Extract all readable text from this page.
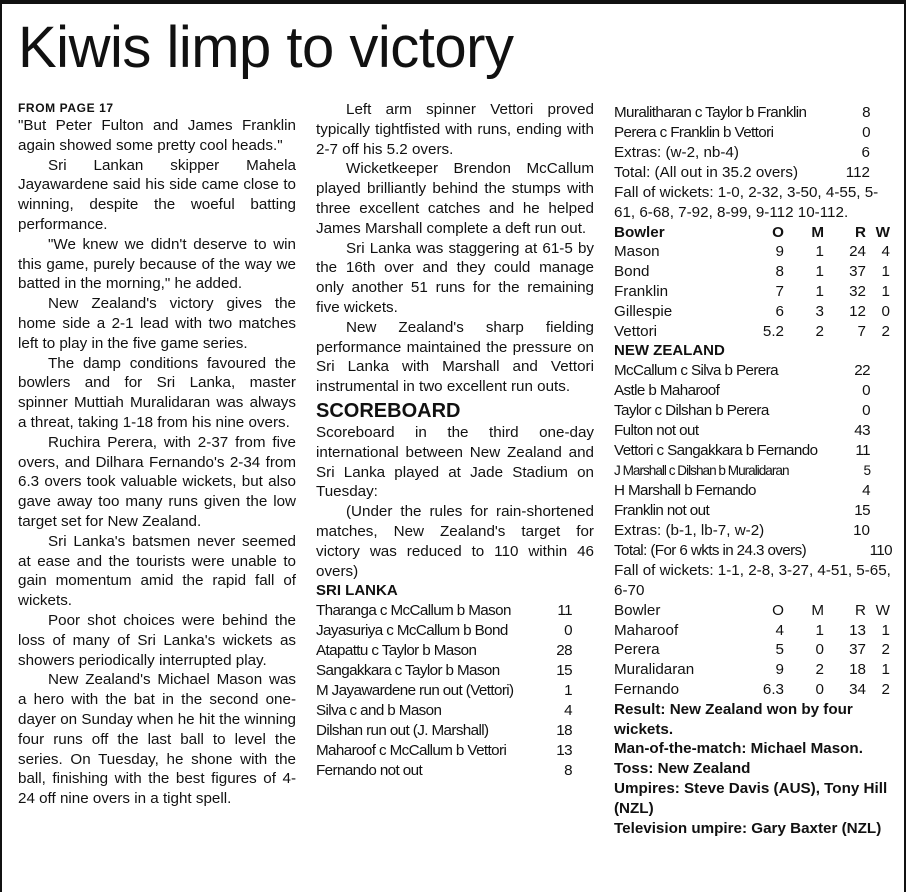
Kiwis limp to victory
FROM PAGE 17

"But Peter Fulton and James Franklin again showed some pretty cool heads."

Sri Lankan skipper Mahela Jayawardene said his side came close to winning, despite the woeful batting performance.

"We knew we didn't deserve to win this game, purely because of the way we batted in the morning," he added.

New Zealand's victory gives the home side a 2-1 lead with two matches left to play in the five game series.

The damp conditions favoured the bowlers and for Sri Lanka, master spinner Muttiah Muralidaran was always a threat, taking 1-18 from his nine overs.

Ruchira Perera, with 2-37 from five overs, and Dilhara Fernando's 2-34 from 6.3 overs took valuable wickets, but also gave away too many runs given the low target set for New Zealand.

Sri Lanka's batsmen never seemed at ease and the tourists were unable to gain momentum amid the rapid fall of wickets.

Poor shot choices were behind the loss of many of Sri Lanka's wickets as showers periodically interrupted play.

New Zealand's Michael Mason was a hero with the bat in the second one-dayer on Sunday when he hit the winning four runs off the last ball to level the series. On Tuesday, he shone with the ball, finishing with the best figures of 4-24 off nine overs in a tight spell.

Left arm spinner Vettori proved typically tightfisted with runs, ending with 2-7 off his 5.2 overs.

Wicketkeeper Brendon McCallum played brilliantly behind the stumps with three excellent catches and he helped James Marshall complete a deft run out.

Sri Lanka was staggering at 61-5 by the 16th over and they could manage only another 51 runs for the remaining five wickets.

New Zealand's sharp fielding performance maintained the pressure on Sri Lanka with Marshall and Vettori instrumental in two excellent run outs.

SCOREBOARD

Scoreboard in the third one-day international between New Zealand and Sri Lanka played at Jade Stadium on Tuesday:

(Under the rules for rain-shortened matches, New Zealand's target for victory was reduced to 110 within 46 overs)

SRI LANKA
Tharanga c McCallum b Mason	11
Jayasuriya c McCallum b Bond	0
Atapattu c Taylor b Mason	28
Sangakkara c Taylor b Mason	15
M Jayawardene run out (Vettori)	1
Silva c and b Mason	4
Dilshan run out (J. Marshall)	18
Maharoof c McCallum b Vettori	13
Fernando not out	8
Muralitharan c Taylor b Franklin	8
Perera c Franklin b Vettori	0
Extras: (w-2, nb-4)	6
Total: (All out in 35.2 overs)	112
Fall of wickets: 1-0, 2-32, 3-50, 4-55, 5-61, 6-68, 7-92, 8-99, 9-112 10-112.
Bowler	O	M	R	W
Mason	9	1	24	4
Bond	8	1	37	1
Franklin	7	1	32	1
Gillespie	6	3	12	0
Vettori	5.2	2	7	2
NEW ZEALAND
McCallum c Silva b Perera	22
Astle b Maharoof	0
Taylor c Dilshan b Perera	0
Fulton not out	43
Vettori c Sangakkara b Fernando 11
J Marshall c Dilshan b Muralidaran	5
H Marshall b Fernando	4
Franklin not out	15
Extras: (b-1, lb-7, w-2)	10
Total: (For 6 wkts in 24.3 overs)	110
Fall of wickets: 1-1, 2-8, 3-27, 4-51, 5-65, 6-70
Bowler	O	M	R	W
Maharoof	4	1	13	1
Perera	5	0	37	2
Muralidaran	9	2	18	1
Fernando	6.3	0	34	2
Result: New Zealand won by four wickets.
Man-of-the-match: Michael Mason.
Toss: New Zealand
Umpires: Steve Davis (AUS), Tony Hill (NZL)
Television umpire: Gary Baxter (NZL)
